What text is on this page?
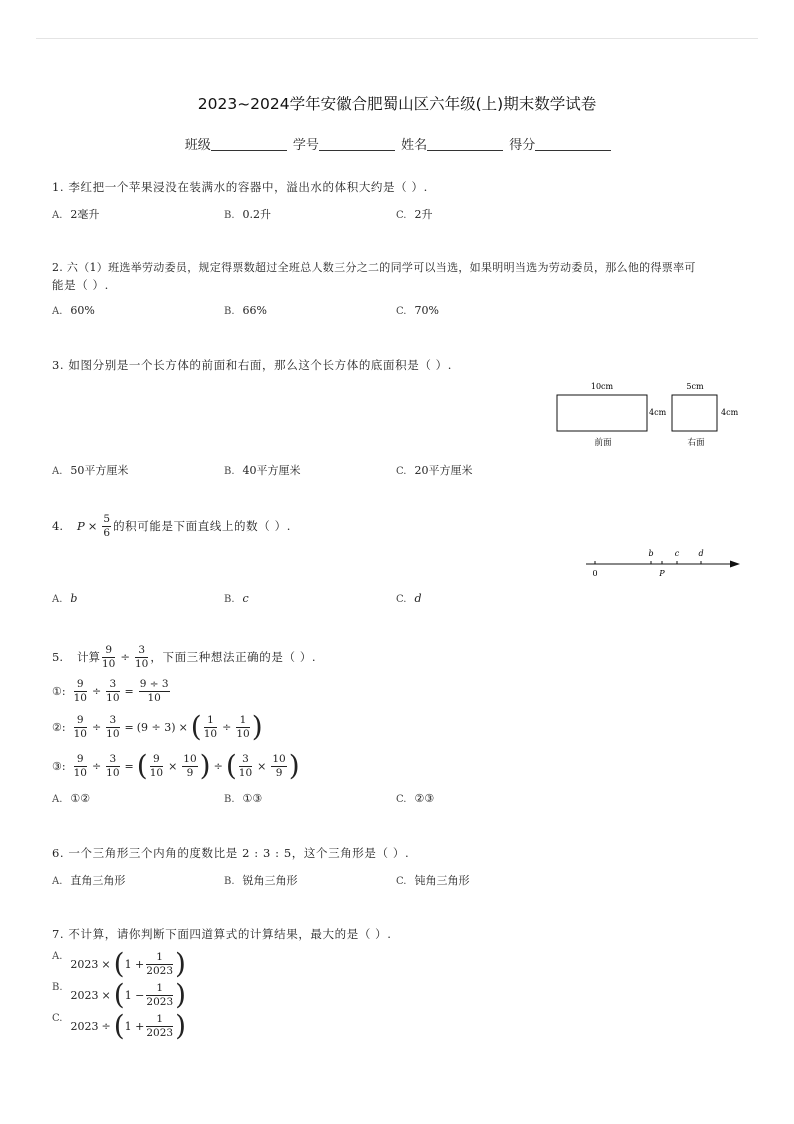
2023~2024学年安徽合肥蜀山区六年级(上)期末数学试卷
班级	学号	姓名	得分
1. 李红把一个苹果浸没在装满水的容器中，溢出水的体积大约是（ ）.
A. 2毫升	B. 0.2升	C. 2升
2. 六（1）班选举劳动委员，规定得票数超过全班总人数三分之二的同学可以当选，如果明明当选为劳动委员，那么他的得票率可
能是（ ）.
A. 60%	B. 66%	C. 70%
3. 如图分别是一个长方体的前面和右面，那么这个长方体的底面积是（ ）.
10cm
4cm
前面
5cm
4cm
右面
A. 50平方厘米	B. 40平方厘米	C. 20平方厘米
4. $P \times \frac{5}{6}$ 的积可能是下面直线上的数（ ）.
0	P
b	c d
A. b	B. c	C. d
5. 计算 $\frac{9}{10} \div \frac{3}{10}$ ，下面三种想法正确的是（ ）.
①: $\frac{9}{10} \div \frac{3}{10} = \frac{9 \div 3}{10}$
②: $\frac{9}{10} \div \frac{3}{10} = (9 \div 3)$ × ( $\frac{1}{10} \div \frac{1}{10}$ )
③: $\frac{9}{10} \div \frac{3}{10}$ = ( $\frac{9}{10} \times \frac{10}{9}$ ) ÷ ( $\frac{3}{10} \times \frac{10}{9}$ )
A. ①②	B. ①③	C. ②③
6. 一个三角形三个内角的度数比是 2 : 3 : 5，这个三角形是（ ）.
A. 直角三角形	B. 锐角三角形	C. 钝角三角形
7. 不计算，请你判断下面四道算式的计算结果，最大的是（ ）.
A.
2023 × ( $1 + \frac{1}{2023}$ )
B.
2023 × ( $1 - \frac{1}{2023}$ )
C.
2023 ÷ ( $1 + \frac{1}{2023}$ )
